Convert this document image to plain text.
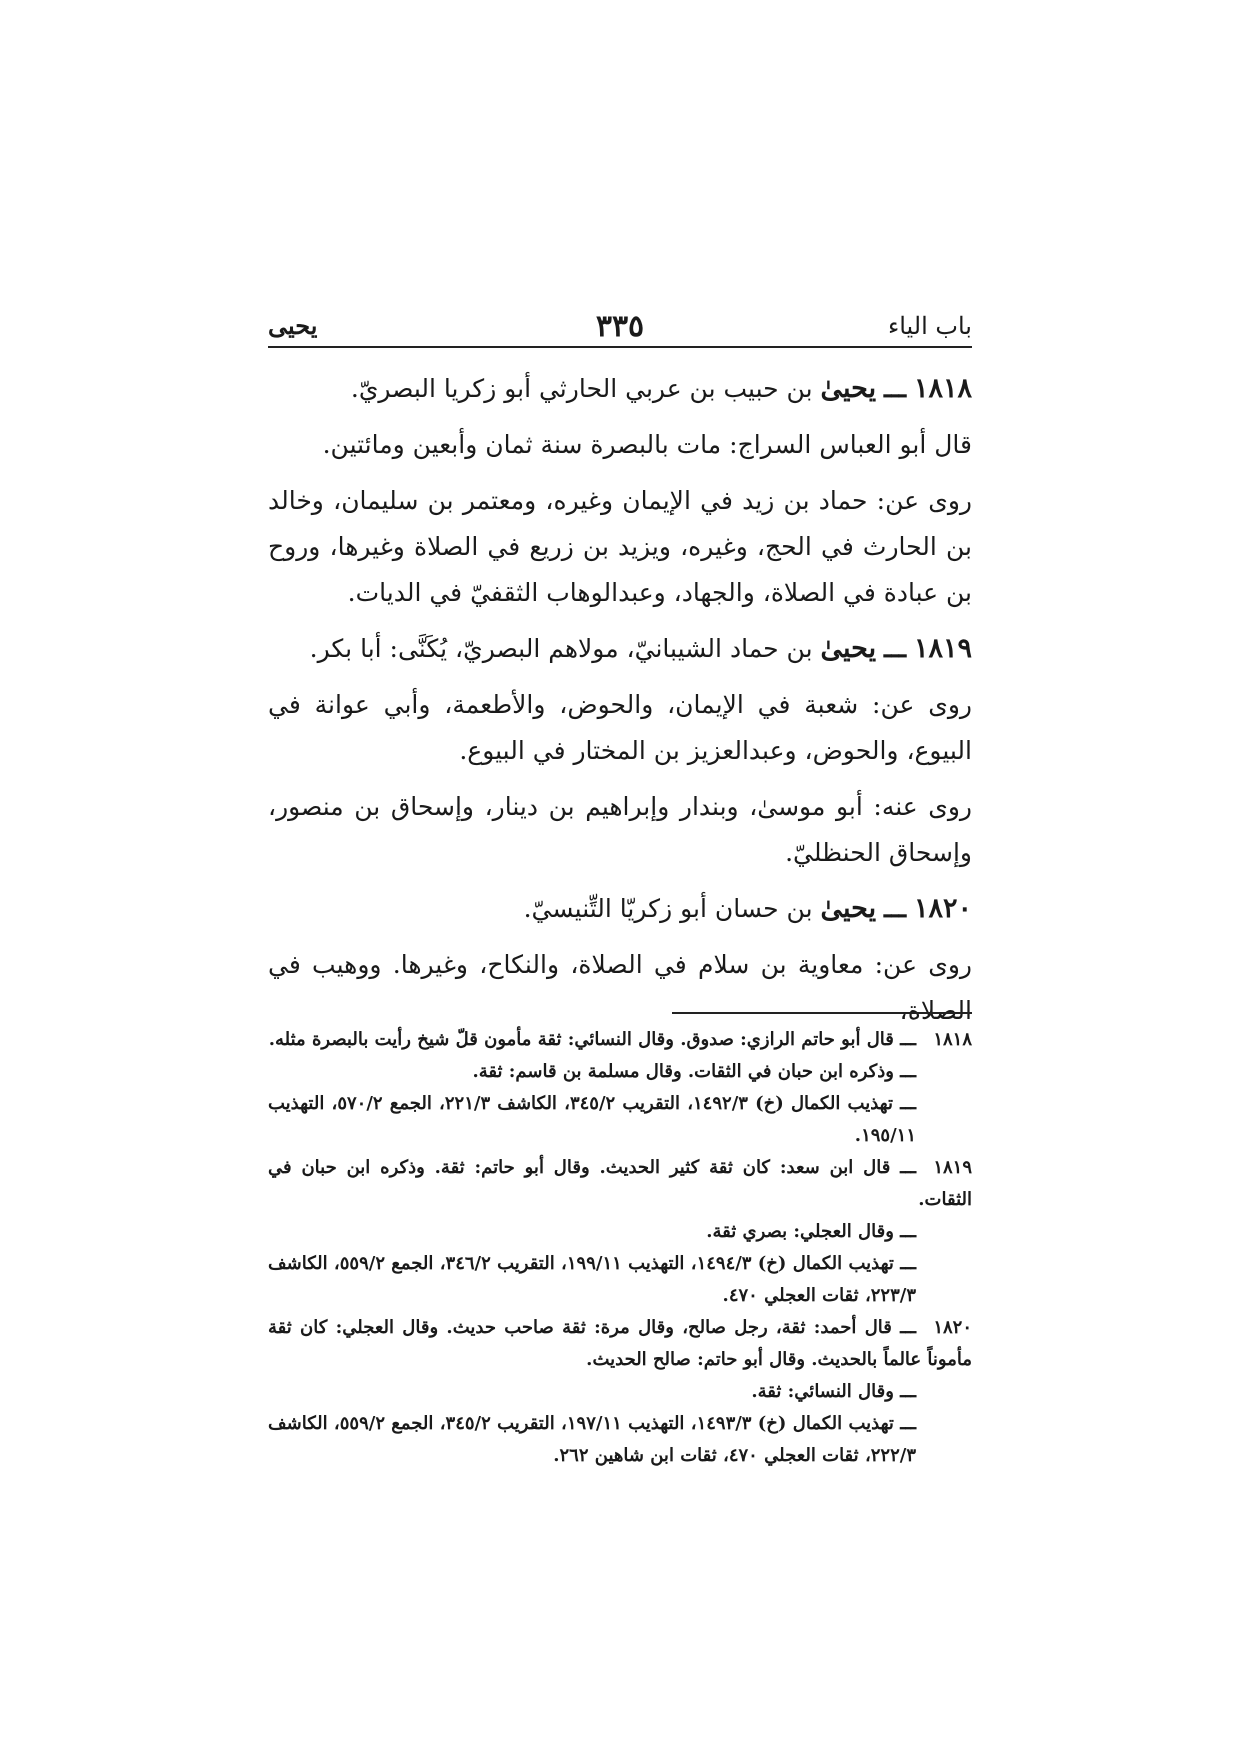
باب الياء
٣٣٥
يحيى

١٨١٨ ـــ يحيىٰ بن حبيب بن عربي الحارثي أبو زكريا البصريّ.

قال أبو العباس السراج: مات بالبصرة سنة ثمان وأبعين ومائتين.

روى عن: حماد بن زيد في الإيمان وغيره، ومعتمر بن سليمان، وخالد بن الحارث في الحج، وغيره، ويزيد بن زريع في الصلاة وغيرها، وروح بن عبادة في الصلاة، والجهاد، وعبدالوهاب الثقفيّ في الديات.

١٨١٩ ـــ يحيىٰ بن حماد الشيبانيّ، مولاهم البصريّ، يُكَنَّى: أبا بكر.

روى عن: شعبة في الإيمان، والحوض، والأطعمة، وأبي عوانة في البيوع، والحوض، وعبدالعزيز بن المختار في البيوع.

روى عنه: أبو موسىٰ، وبندار وإبراهيم بن دينار، وإسحاق بن منصور، وإسحاق الحنظليّ.

١٨٢٠ ـــ يحيىٰ بن حسان أبو زكريّا التِّنيسيّ.

روى عن: معاوية بن سلام في الصلاة، والنكاح، وغيرها. ووهيب في الصلاة،

١٨١٨ـــ قال أبو حاتم الرازي: صدوق. وقال النسائي: ثقة مأمون قلّ شيخ رأيت بالبصرة مثله.
ـــ وذكره ابن حبان في الثقات. وقال مسلمة بن قاسم: ثقة.
ـــ تهذيب الكمال (خ) ١٤٩٢/٣، التقريب ٣٤٥/٢، الكاشف ٢٢١/٣، الجمع ٥٧٠/٢، التهذيب ١٩٥/١١.
١٨١٩ـــ قال ابن سعد: كان ثقة كثير الحديث. وقال أبو حاتم: ثقة. وذكره ابن حبان في الثقات.
ـــ وقال العجلي: بصري ثقة.
ـــ تهذيب الكمال (خ) ١٤٩٤/٣، التهذيب ١٩٩/١١، التقريب ٣٤٦/٢، الجمع ٥٥٩/٢، الكاشف ٢٢٣/٣، ثقات العجلي ٤٧٠.
١٨٢٠ـــ قال أحمد: ثقة، رجل صالح، وقال مرة: ثقة صاحب حديث. وقال العجلي: كان ثقة مأموناً عالماً بالحديث. وقال أبو حاتم: صالح الحديث.
ـــ وقال النسائي: ثقة.
ـــ تهذيب الكمال (خ) ١٤٩٣/٣، التهذيب ١٩٧/١١، التقريب ٣٤٥/٢، الجمع ٥٥٩/٢، الكاشف ٢٢٢/٣، ثقات العجلي ٤٧٠، ثقات ابن شاهين ٢٦٢.
